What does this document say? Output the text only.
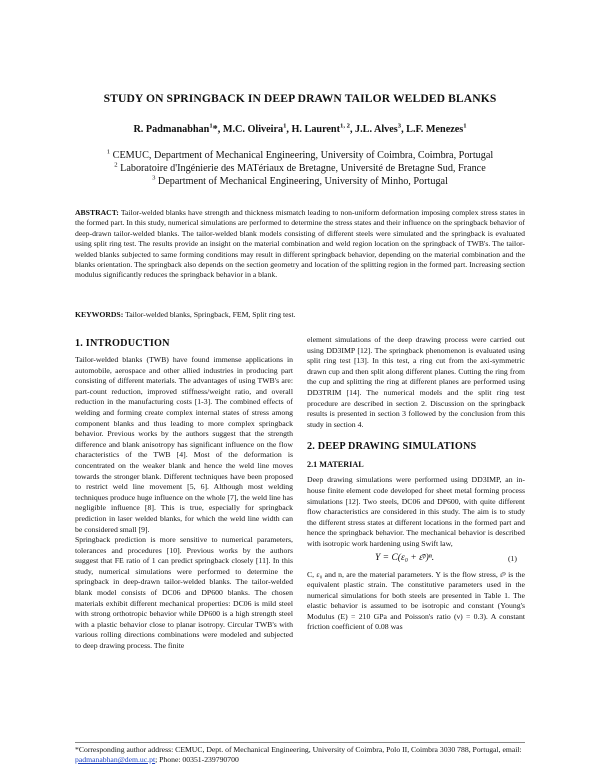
STUDY ON SPRINGBACK IN DEEP DRAWN TAILOR WELDED BLANKS
R. Padmanabhan$^1$*, M.C. Oliveira$^1$, H. Laurent$^{1, 2}$, J.L. Alves$^3$, L.F. Menezes$^1$
$^1$ CEMUC, Department of Mechanical Engineering, University of Coimbra, Coimbra, Portugal
$^2$ Laboratoire d'Ingénierie des MATériaux de Bretagne, Université de Bretagne Sud, France
$^3$ Department of Mechanical Engineering, University of Minho, Portugal
ABSTRACT: Tailor-welded blanks have strength and thickness mismatch leading to non-uniform deformation imposing complex stress states in the formed part. In this study, numerical simulations are performed to determine the stress states and their influence on the springback behavior of deep-drawn tailor-welded blanks. The tailor-welded blank models consisting of different steels were simulated and the springback is evaluated using split ring test. The results provide an insight on the material combination and weld region location on the springback of TWB's. The tailor-welded blanks subjected to same forming conditions may result in different springback behavior, depending on the material combination and the blanks orientation. The springback also depends on the section geometry and location of the splitting region in the formed part. Increasing section modulus significantly reduces the springback behavior in a blank.
KEYWORDS: Tailor-welded blanks, Springback, FEM, Split ring test.
1. INTRODUCTION

Tailor-welded blanks (TWB) have found immense applications in automobile, aerospace and other allied industries in producing part consisting of different materials. The advantages of using TWB's are: part-count reduction, improved stiffness/weight ratio, and overall reduction in the manufacturing costs [1-3]. The combined effects of welding and forming create complex internal states of stress among component blanks and thus leading to more complex springback behavior. Previous works by the authors suggest that the strength difference and blank anisotropy has significant influence on the flow characteristics of the TWB [4]. Most of the deformation is concentrated on the weaker blank and hence the weld line moves towards the stronger blank. Different techniques have been proposed to restrict weld line movement [5, 6]. Although most welding techniques produce huge influence on the whole [7], the weld line has negligible influence [8]. This is true, especially for springback prediction in laser welded blanks, for which the weld line width can be considered small [9].

Springback prediction is more sensitive to numerical parameters, tolerances and procedures [10]. Previous works by the authors suggest that FE ratio of 1 can predict springback closely [11]. In this study, numerical simulations were performed to determine the springback in deep-drawn tailor-welded blanks. The tailor-welded blank model consists of DC06 and DP600 blanks. The chosen materials exhibit different mechanical properties: DC06 is mild steel with strong orthotropic behavior while DP600 is a high strength steel with a plastic behavior close to planar isotropy. Circular TWB's with various rolling directions combinations were modeled and subjected to deep drawing process. The finite

element simulations of the deep drawing process were carried out using DD3IMP [12]. The springback phenomenon is evaluated using split ring test [13]. In this test, a ring cut from the axi-symmetric drawn cup and then split along different planes. Cutting the ring from the cup and splitting the ring at different planes are performed using DD3TRIM [14]. The numerical models and the split ring test procedure are described in section 2. Discussion on the springback results is presented in section 3 followed by the conclusion from this study in section 4.

2. DEEP DRAWING SIMULATIONS
2.1 MATERIAL

Deep drawing simulations were performed using DD3IMP, an in-house finite element code developed for sheet metal forming process simulations [12]. Two steels, DC06 and DP600, with quite different flow characteristics are considered in this study. The aim is to study the different stress states at different locations in the formed part and hence the springback behavior. The mechanical behavior is described with isotropic work hardening using Swift law,

Y = C(ε₀ + ε̄ᵖ)ⁿ.	(1)

C, ε₀ and n, are the material parameters. Y is the flow stress, ε̄ᵖ is the equivalent plastic strain. The constitutive parameters used in the numerical simulations for both steels are presented in Table 1. The elastic behavior is assumed to be isotropic and constant (Young's Modulus (E) = 210 GPa and Poisson's ratio (ν) = 0.3). A constant friction coefficient of 0.08 was

*Corresponding author address: CEMUC, Dept. of Mechanical Engineering, University of Coimbra, Polo II, Coimbra 3030 788, Portugal, email: padmanabhan@dem.uc.pt; Phone: 00351-239790700
